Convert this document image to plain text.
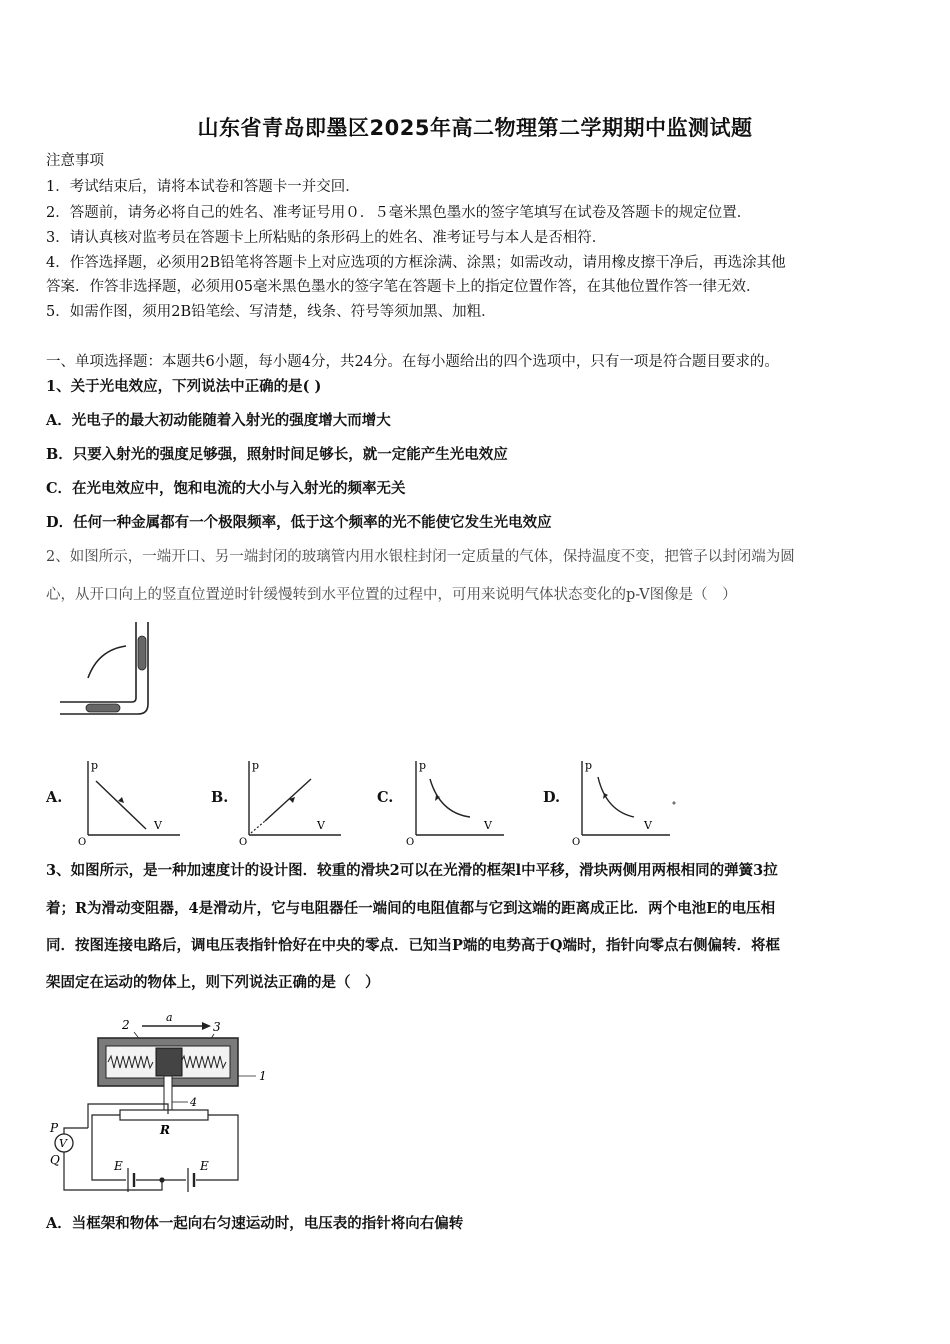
山东省青岛即墨区2025年高二物理第二学期期中监测试题
注意事项
1．考试结束后，请将本试卷和答题卡一并交回．
2．答题前，请务必将自己的姓名、准考证号用０．５毫米黑色墨水的签字笔填写在试卷及答题卡的规定位置．
3．请认真核对监考员在答题卡上所粘贴的条形码上的姓名、准考证号与本人是否相符．
4．作答选择题，必须用2B铅笔将答题卡上对应选项的方框涂满、涂黑；如需改动，请用橡皮擦干净后，再选涂其他
答案．作答非选择题，必须用05毫米黑色墨水的签字笔在答题卡上的指定位置作答，在其他位置作答一律无效．
5．如需作图，须用2B铅笔绘、写清楚，线条、符号等须加黑、加粗．
一、单项选择题：本题共6小题，每小题4分，共24分。在每小题给出的四个选项中，只有一项是符合题目要求的。
1、关于光电效应，下列说法中正确的是( )
A．光电子的最大初动能随着入射光的强度增大而增大
B．只要入射光的强度足够强，照射时间足够长，就一定能产生光电效应
C．在光电效应中，饱和电流的大小与入射光的频率无关
D．任何一种金属都有一个极限频率，低于这个频率的光不能使它发生光电效应
2、如图所示，一端开口、另一端封闭的玻璃管内用水银柱封闭一定质量的气体，保持温度不变，把管子以封闭端为圆
心，从开口向上的竖直位置逆时针缓慢转到水平位置的过程中，可用来说明气体状态变化的p-V图像是（　）
A.	B.	C.	D.
p
V
O
p
V
O
p
V
O
p
V
O
3、如图所示，是一种加速度计的设计图．较重的滑块2可以在光滑的框架l中平移，滑块两侧用两根相同的弹簧3拉
着；R为滑动变阻器，4是滑动片，它与电阻器任一端间的电阻值都与它到这端的距离成正比．两个电池E的电压相
同．按图连接电路后，调电压表指针恰好在中央的零点．已知当P端的电势高于Q端时，指针向零点右侧偏转．将框
架固定在运动的物体上，则下列说法正确的是（　）
2
a
3
1
4
R
E	E
V
P
Q
A．当框架和物体一起向右匀速运动时，电压表的指针将向右偏转
